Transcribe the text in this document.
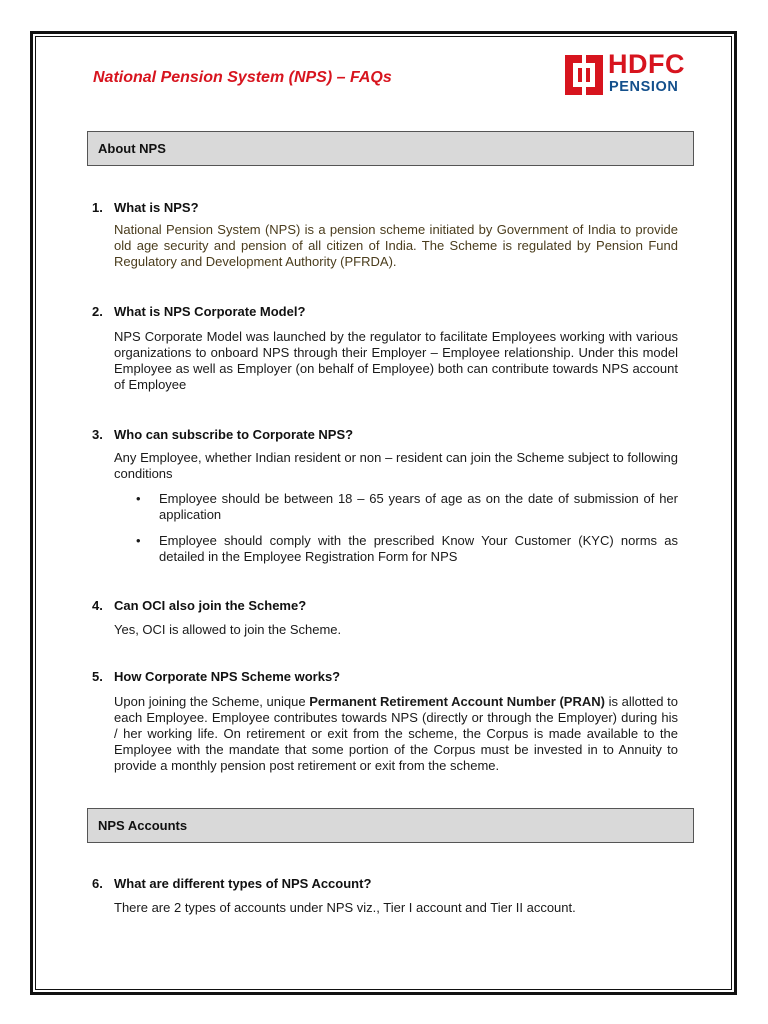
National Pension System (NPS) – FAQs	HDFC
PENSION
About NPS

1. What is NPS?

National Pension System (NPS) is a pension scheme initiated by Government of India to provide old age security and pension of all citizen of India. The Scheme is regulated by Pension Fund Regulatory and Development Authority (PFRDA).

2. What is NPS Corporate Model?

NPS Corporate Model was launched by the regulator to facilitate Employees working with various organizations to onboard NPS through their Employer – Employee relationship. Under this model Employee as well as Employer (on behalf of Employee) both can contribute towards NPS account of Employee

3. Who can subscribe to Corporate NPS?

Any Employee, whether Indian resident or non – resident can join the Scheme subject to following conditions

• Employee should be between 18 – 65 years of age as on the date of submission of her application
• Employee should comply with the prescribed Know Your Customer (KYC) norms as detailed in the Employee Registration Form for NPS

4. Can OCI also join the Scheme?

Yes, OCI is allowed to join the Scheme.

5. How Corporate NPS Scheme works?

Upon joining the Scheme, unique Permanent Retirement Account Number (PRAN) is allotted to each Employee. Employee contributes towards NPS (directly or through the Employer) during his / her working life. On retirement or exit from the scheme, the Corpus is made available to the Employee with the mandate that some portion of the Corpus must be invested in to Annuity to provide a monthly pension post retirement or exit from the scheme.

NPS Accounts

6. What are different types of NPS Account?

There are 2 types of accounts under NPS viz., Tier I account and Tier II account.
